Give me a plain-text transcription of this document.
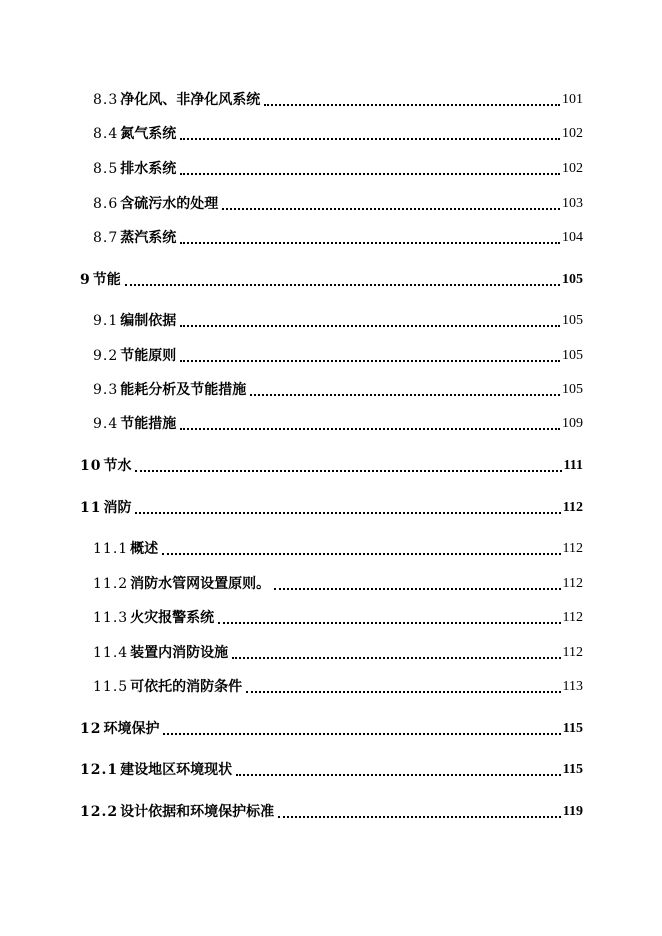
8.3 净化风、非净化风系统	101
8.4 氮气系统	102
8.5 排水系统	102
8.6 含硫污水的处理	103
8.7 蒸汽系统	104
9 节能	105
9.1 编制依据	105
9.2 节能原则	105
9.3 能耗分析及节能措施	105
9.4 节能措施	109
10 节水	111
11 消防	112
11.1 概述	112
11.2 消防水管网设置原则。	112
11.3 火灾报警系统	112
11.4 装置内消防设施	112
11.5 可依托的消防条件	113
12 环境保护	115
12.1 建设地区环境现状	115
12.2 设计依据和环境保护标准	119
